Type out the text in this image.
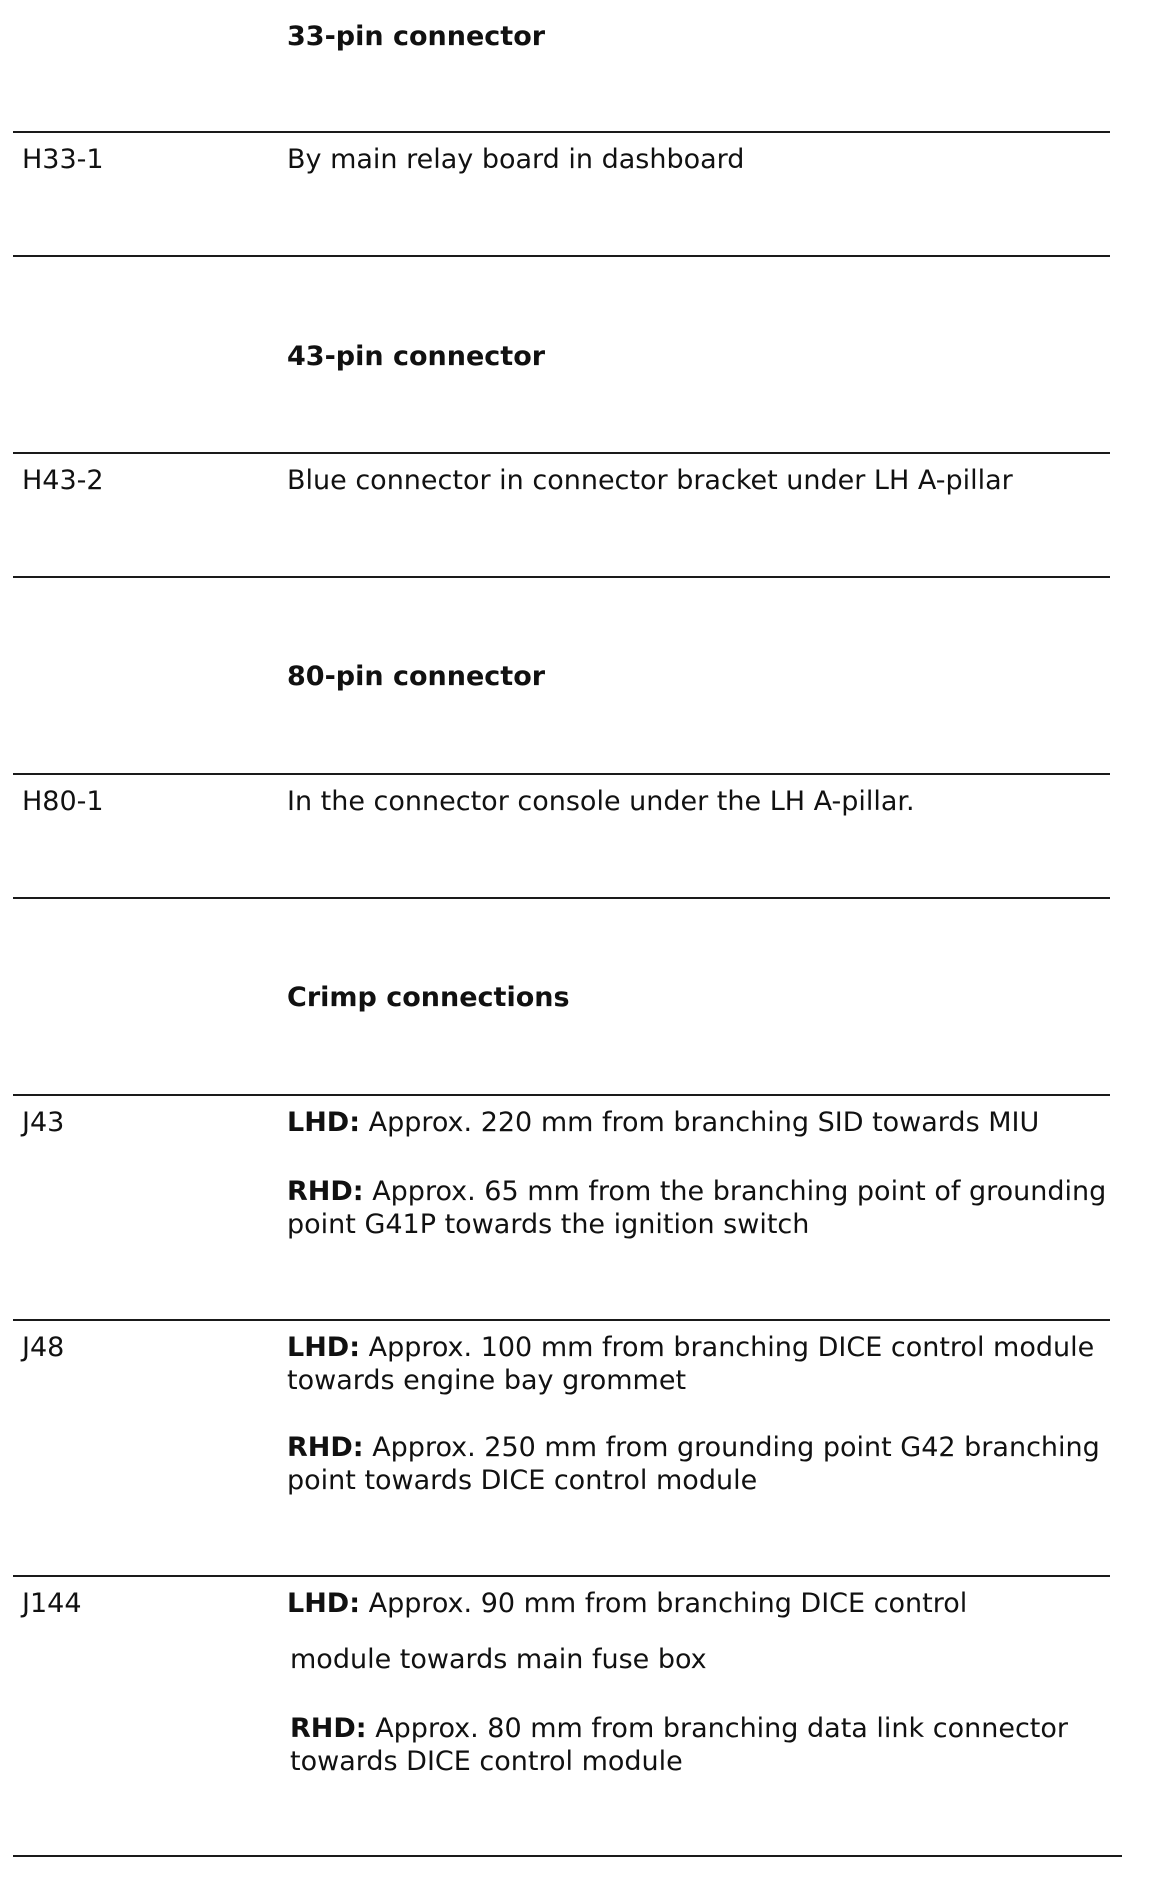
33-pin connector
H33-1	By main relay board in dashboard
43-pin connector
H43-2	Blue connector in connector bracket under LH A-pillar
80-pin connector
H80-1	In the connector console under the LH A-pillar.
Crimp connections
J43	LHD: Approx. 220 mm from branching SID towards MIU
RHD: Approx. 65 mm from the branching point of grounding point G41P towards the ignition switch
J48	LHD: Approx. 100 mm from branching DICE control module towards engine bay grommet
RHD: Approx. 250 mm from grounding point G42 branching point towards DICE control module
J144	LHD: Approx. 90 mm from branching DICE control
module towards main fuse box
RHD: Approx. 80 mm from branching data link connector towards DICE control module
